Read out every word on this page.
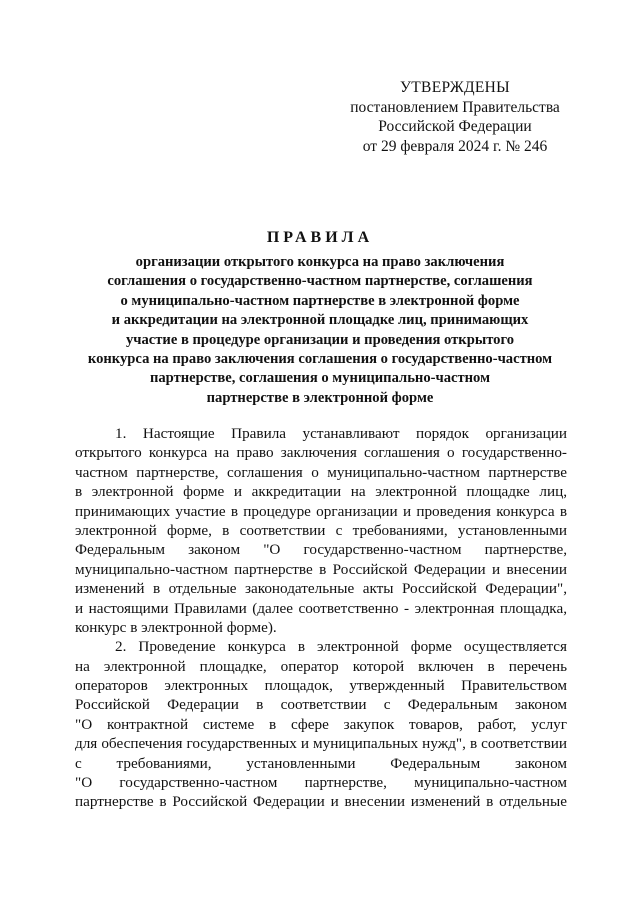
УТВЕРЖДЕНЫ
постановлением Правительства
Российской Федерации
от 29 февраля 2024 г. № 246
ПРАВИЛА
организации открытого конкурса на право заключения
соглашения о государственно-частном партнерстве, соглашения
о муниципально-частном партнерстве в электронной форме
и аккредитации на электронной площадке лиц, принимающих
участие в процедуре организации и проведения открытого
конкурса на право заключения соглашения о государственно-частном
партнерстве, соглашения о муниципально-частном
партнерстве в электронной форме
1. Настоящие Правила устанавливают порядок организации
открытого конкурса на право заключения соглашения о государственно-
частном партнерстве, соглашения о муниципально-частном партнерстве
в электронной форме и аккредитации на электронной площадке лиц,
принимающих участие в процедуре организации и проведения конкурса в
электронной форме, в соответствии с требованиями, установленными
Федеральным законом "О государственно-частном партнерстве,
муниципально-частном партнерстве в Российской Федерации и внесении
изменений в отдельные законодательные акты Российской Федерации",
и настоящими Правилами (далее соответственно - электронная площадка,
конкурс в электронной форме).
2. Проведение конкурса в электронной форме осуществляется
на электронной площадке, оператор которой включен в перечень
операторов электронных площадок, утвержденный Правительством
Российской Федерации в соответствии с Федеральным законом
"О контрактной системе в сфере закупок товаров, работ, услуг
для обеспечения государственных и муниципальных нужд", в соответствии
с требованиями, установленными Федеральным законом
"О государственно-частном партнерстве, муниципально-частном
партнерстве в Российской Федерации и внесении изменений в отдельные
